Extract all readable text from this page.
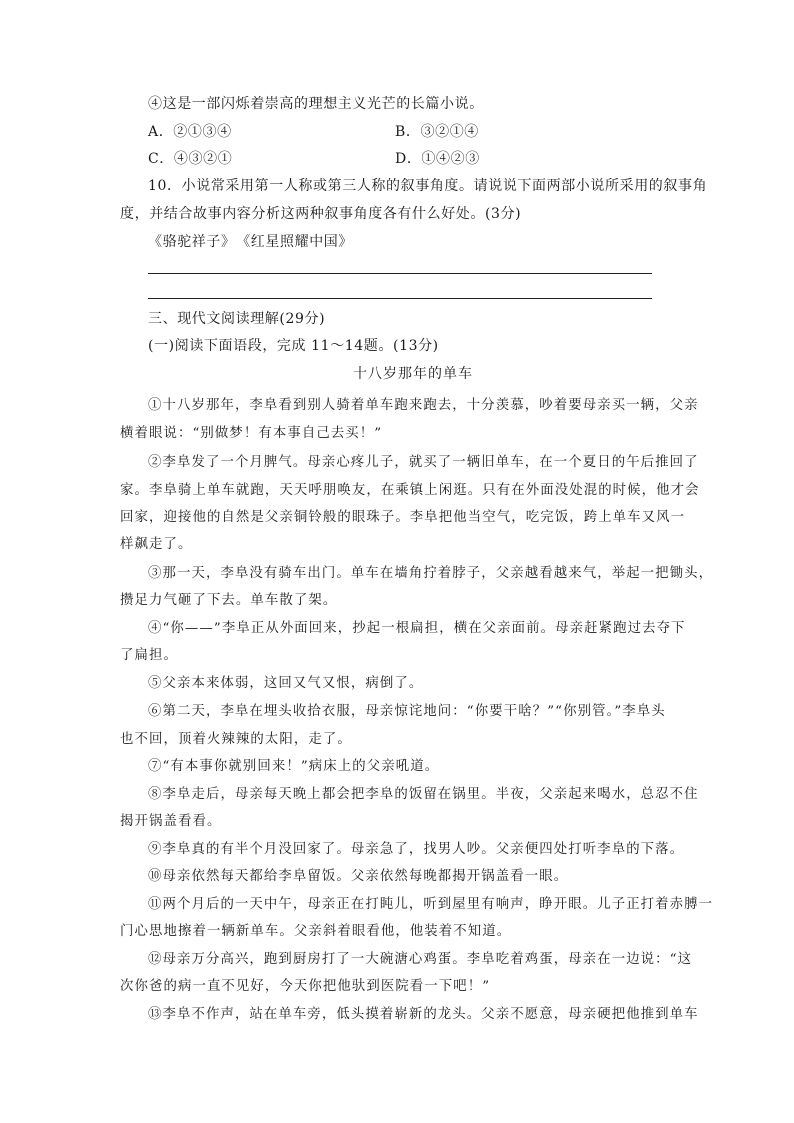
④这是一部闪烁着崇高的理想主义光芒的长篇小说。
A．②①③④	B．③②①④
C．④③②①	D．①④②③
10．小说常采用第一人称或第三人称的叙事角度。请说说下面两部小说所采用的叙事角
度，并结合故事内容分析这两种叙事角度各有什么好处。(3分)
《骆驼祥子》　《红星照耀中国》
三、现代文阅读理解(29分)
(一)阅读下面语段，完成 11～14题。(13分)
十八岁那年的单车
①十八岁那年，李阜看到别人骑着单车跑来跑去，十分羡慕，吵着要母亲买一辆，父亲
横着眼说：“别做梦！有本事自己去买！”
②李阜发了一个月脾气。母亲心疼儿子，就买了一辆旧单车，在一个夏日的午后推回了
家。李阜骑上单车就跑，天天呼朋唤友，在乘镇上闲逛。只有在外面没处混的时候，他才会
回家，迎接他的自然是父亲铜铃般的眼珠子。李阜把他当空气，吃完饭，跨上单车又风一
样飙走了。
③那一天，李阜没有骑车出门。单车在墙角拧着脖子，父亲越看越来气，举起一把锄头，
攒足力气砸了下去。单车散了架。
④“你——”李阜正从外面回来，抄起一根扁担，横在父亲面前。母亲赶紧跑过去夺下
了扁担。
⑤父亲本来体弱，这回又气又恨，病倒了。
⑥第二天，李阜在埋头收拾衣服，母亲惊诧地问：“你要干啥？”“你别管。”李阜头
也不回，顶着火辣辣的太阳，走了。
⑦“有本事你就别回来！”病床上的父亲吼道。
⑧李阜走后，母亲每天晚上都会把李阜的饭留在锅里。半夜，父亲起来喝水，总忍不住
揭开锅盖看看。
⑨李阜真的有半个月没回家了。母亲急了，找男人吵。父亲便四处打听李阜的下落。
⑩母亲依然每天都给李阜留饭。父亲依然每晚都揭开锅盖看一眼。
⑪两个月后的一天中午，母亲正在打盹儿，听到屋里有响声，睁开眼。儿子正打着赤膊一
门心思地擦着一辆新单车。父亲斜着眼看他，他装着不知道。
⑫母亲万分高兴，跑到厨房打了一大碗溏心鸡蛋。李阜吃着鸡蛋，母亲在一边说：“这
次你爸的病一直不见好，今天你把他驮到医院看一下吧！”
⑬李阜不作声，站在单车旁，低头摸着崭新的龙头。父亲不愿意，母亲硬把他推到单车
